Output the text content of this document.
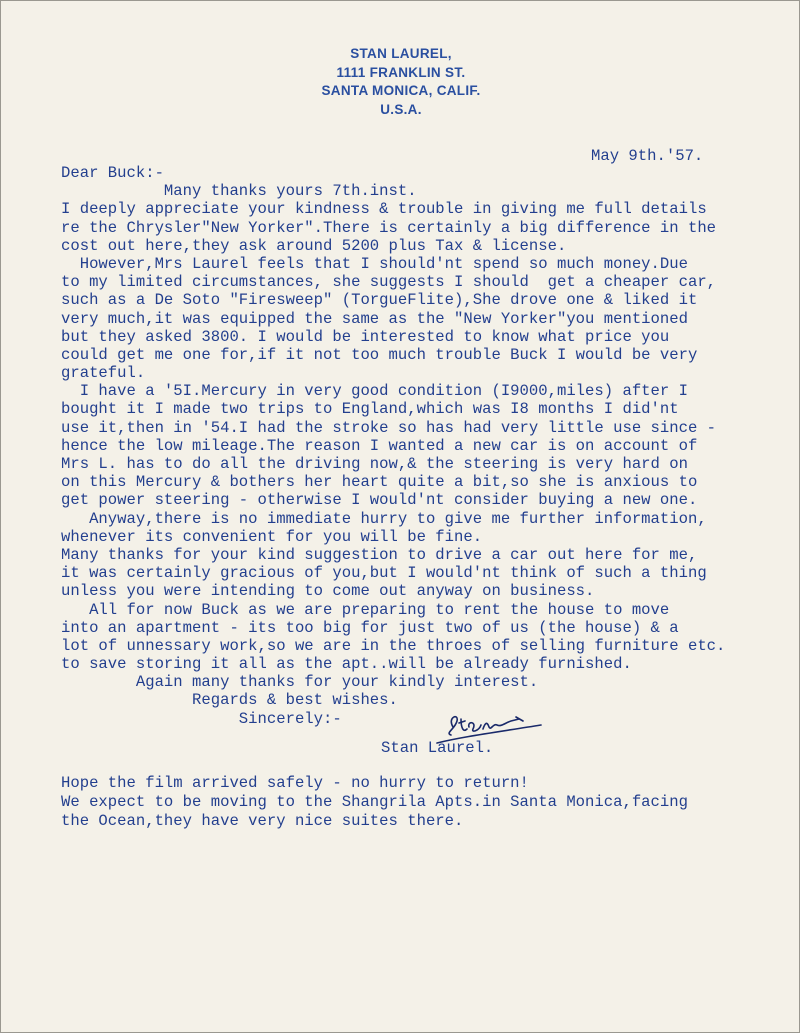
STAN LAUREL,
1111 FRANKLIN ST.
SANTA MONICA, CALIF.
U.S.A.
May 9th.'57.
Dear Buck:-
Many thanks yours 7th.inst.
I deeply appreciate your kindness & trouble in giving me full details
re the Chrysler"New Yorker".There is certainly a big difference in the
cost out here,they ask around 5200 plus Tax & license.
However,Mrs Laurel feels that I should'nt spend so much money.Due
to my limited circumstances, she suggests I should  get a cheaper car,
such as a De Soto "Firesweep" (TorgueFlite),She drove one & liked it
very much,it was equipped the same as the "New Yorker"you mentioned
but they asked 3800. I would be interested to know what price you
could get me one for,if it not too much trouble Buck I would be very
grateful.
I have a '5I.Mercury in very good condition (I9000,miles) after I
bought it I made two trips to England,which was I8 months I did'nt
use it,then in '54.I had the stroke so has had very little use since -
hence the low mileage.The reason I wanted a new car is on account of
Mrs L. has to do all the driving now,& the steering is very hard on
on this Mercury & bothers her heart quite a bit,so she is anxious to
get power steering - otherwise I would'nt consider buying a new one.
Anyway,there is no immediate hurry to give me further information,
whenever its convenient for you will be fine.
Many thanks for your kind suggestion to drive a car out here for me,
it was certainly gracious of you,but I would'nt think of such a thing
unless you were intending to come out anyway on business.
All for now Buck as we are preparing to rent the house to move
into an apartment - its too big for just two of us (the house) & a
lot of unnessary work,so we are in the throes of selling furniture etc.
to save storing it all as the apt..will be already furnished.
Again many thanks for your kindly interest.
Regards & best wishes.
Sincerely:-
Stan Laurel.
Hope the film arrived safely - no hurry to return!
We expect to be moving to the Shangrila Apts.in Santa Monica,facing
the Ocean,they have very nice suites there.
